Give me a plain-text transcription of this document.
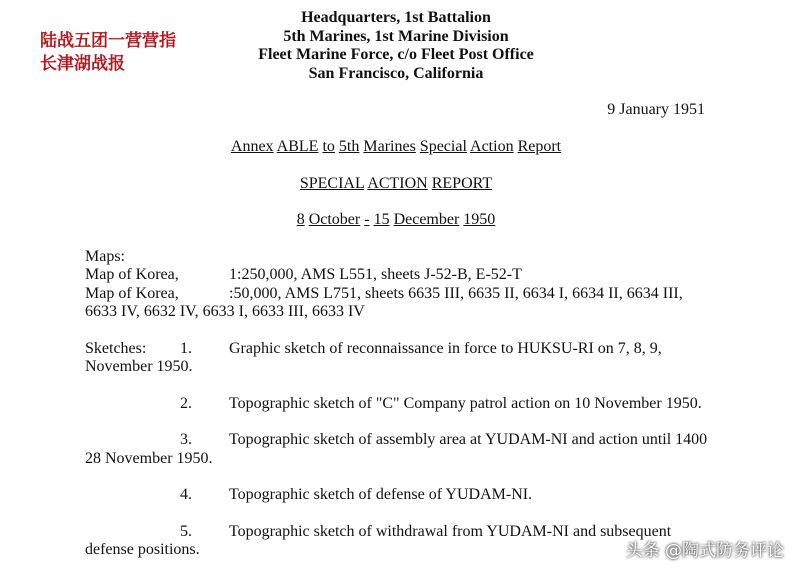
陆战五团一营营指
长津湖战报
Headquarters, 1st Battalion
5th Marines, 1st Marine Division
Fleet Marine Force, c/o Fleet Post Office
San Francisco, California
9 January 1951
Annex ABLE to 5th Marines Special Action Report
SPECIAL ACTION REPORT
8 October - 15 December 1950
Maps:
Map of Korea,	1:250,000, AMS L551, sheets J-52-B, E-52-T
Map of Korea,	:50,000, AMS L751, sheets 6635 III, 6635 II, 6634 I, 6634 II, 6634 III,
6633 IV, 6632 IV, 6633 I, 6633 III, 6633 IV
Sketches: 1. Graphic sketch of reconnaissance in force to HUKSU-RI on 7, 8, 9,
November 1950.
2. Topographic sketch of "C" Company patrol action on 10 November 1950.
3. Topographic sketch of assembly area at YUDAM-NI and action until 1400
28 November 1950.
4. Topographic sketch of defense of YUDAM-NI.
5. Topographic sketch of withdrawal from YUDAM-NI and subsequent
defense positions.	头条 @陶式防务评论
